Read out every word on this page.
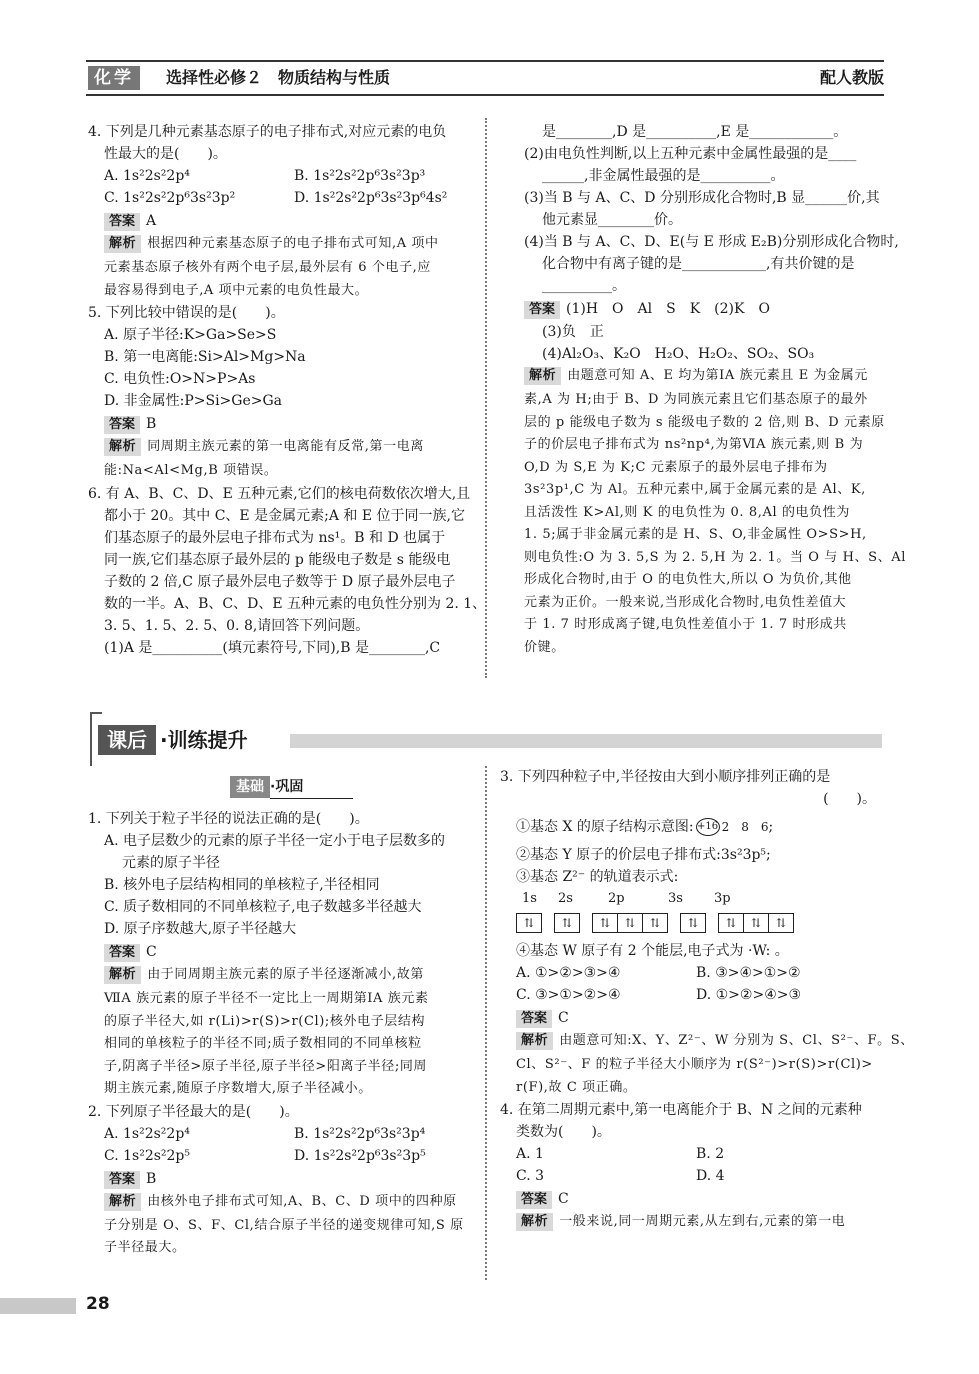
化学	选择性必修２　物质结构与性质	配人教版
4. 下列是几种元素基态原子的电子排布式,对应元素的电负
性最大的是(　　)。
A. 1s²2s²2p⁴	B. 1s²2s²2p⁶3s²3p³
C. 1s²2s²2p⁶3s²3p²	D. 1s²2s²2p⁶3s²3p⁶4s²
答案 A
解析 根据四种元素基态原子的电子排布式可知,A 项中
元素基态原子核外有两个电子层,最外层有 6 个电子,应
最容易得到电子,A 项中元素的电负性最大。
5. 下列比较中错误的是(　　)。
A. 原子半径:K>Ga>Se>S
B. 第一电离能:Si>Al>Mg>Na
C. 电负性:O>N>P>As
D. 非金属性:P>Si>Ge>Ga
答案 B
解析 同周期主族元素的第一电离能有反常,第一电离
能:Na<Al<Mg,B 项错误。
6. 有 A、B、C、D、E 五种元素,它们的核电荷数依次增大,且
都小于 20。其中 C、E 是金属元素;A 和 E 位于同一族,它
们基态原子的最外层电子排布式为 ns¹。B 和 D 也属于
同一族,它们基态原子最外层的 p 能级电子数是 s 能级电
子数的 2 倍,C 原子最外层电子数等于 D 原子最外层电子
数的一半。A、B、C、D、E 五种元素的电负性分别为 2. 1、
3. 5、1. 5、2. 5、0. 8,请回答下列问题。
(1)A 是__________(填元素符号,下同),B 是________,C
是________,D 是__________,E 是____________。
(2)由电负性判断,以上五种元素中金属性最强的是____
______,非金属性最强的是__________。
(3)当 B 与 A、C、D 分别形成化合物时,B 显______价,其
他元素显________价。
(4)当 B 与 A、C、D、E(与 E 形成 E₂B)分别形成化合物时,
化合物中有离子键的是____________,有共价键的是
__________。
答案 (1)H　O　Al　S　K　(2)K　O
(3)负　正
(4)Al₂O₃、K₂O　H₂O、H₂O₂、SO₂、SO₃
解析 由题意可知 A、E 均为第ⅠA 族元素且 E 为金属元
素,A 为 H;由于 B、D 为同族元素且它们基态原子的最外
层的 p 能级电子数为 s 能级电子数的 2 倍,则 B、D 元素原
子的价层电子排布式为 ns²np⁴,为第ⅥA 族元素,则 B 为
O,D 为 S,E 为 K;C 元素原子的最外层电子排布为
3s²3p¹,C 为 Al。五种元素中,属于金属元素的是 Al、K,
且活泼性 K>Al,则 K 的电负性为 0. 8,Al 的电负性为
1. 5;属于非金属元素的是 H、S、O,非金属性 O>S>H,
则电负性:O 为 3. 5,S 为 2. 5,H 为 2. 1。当 O 与 H、S、Al
形成化合物时,由于 O 的电负性大,所以 O 为负价,其他
元素为正价。一般来说,当形成化合物时,电负性差值大
于 1. 7 时形成离子键,电负性差值小于 1. 7 时形成共
价键。
课后 ·训练提升
基础 ·巩固
1. 下列关于粒子半径的说法正确的是(　　)。
A. 电子层数少的元素的原子半径一定小于电子层数多的
元素的原子半径
B. 核外电子层结构相同的单核粒子,半径相同
C. 质子数相同的不同单核粒子,电子数越多半径越大
D. 原子序数越大,原子半径越大
答案 C
解析 由于同周期主族元素的原子半径逐渐减小,故第
ⅦA 族元素的原子半径不一定比上一周期第ⅠA 族元素
的原子半径大,如 r(Li)>r(S)>r(Cl);核外电子层结构
相同的单核粒子的半径不同;质子数相同的不同单核粒
子,阴离子半径>原子半径,原子半径>阳离子半径;同周
期主族元素,随原子序数增大,原子半径减小。
2. 下列原子半径最大的是(　　)。
A. 1s²2s²2p⁴	B. 1s²2s²2p⁶3s²3p⁴
C. 1s²2s²2p⁵	D. 1s²2s²2p⁶3s²3p⁵
答案 B
解析 由核外电子排布式可知,A、B、C、D 项中的四种原
子分别是 O、S、F、Cl,结合原子半径的递变规律可知,S 原
子半径最大。
3. 下列四种粒子中,半径按由大到小顺序排列正确的是
(　　)。
①基态 X 的原子结构示意图: +16 2　8　6;
②基态 Y 原子的价层电子排布式:3s²3p⁵;
③基态 Z²⁻ 的轨道表示式:
1s 2s	2p	3s 3p
⇅	⇅	⇅	⇅	⇅	⇅	⇅	⇅	⇅
④基态 W 原子有 2 个能层,电子式为 ·W: 。
A. ①>②>③>④	B. ③>④>①>②
C. ③>①>②>④	D. ①>②>④>③
答案 C
解析 由题意可知:X、Y、Z²⁻、W 分别为 S、Cl、S²⁻、F。S、
Cl、S²⁻、F 的粒子半径大小顺序为 r(S²⁻)>r(S)>r(Cl)>
r(F),故 C 项正确。
4. 在第二周期元素中,第一电离能介于 B、N 之间的元素种
类数为(　　)。
A. 1	B. 2
C. 3	D. 4
答案 C
解析 一般来说,同一周期元素,从左到右,元素的第一电
28
